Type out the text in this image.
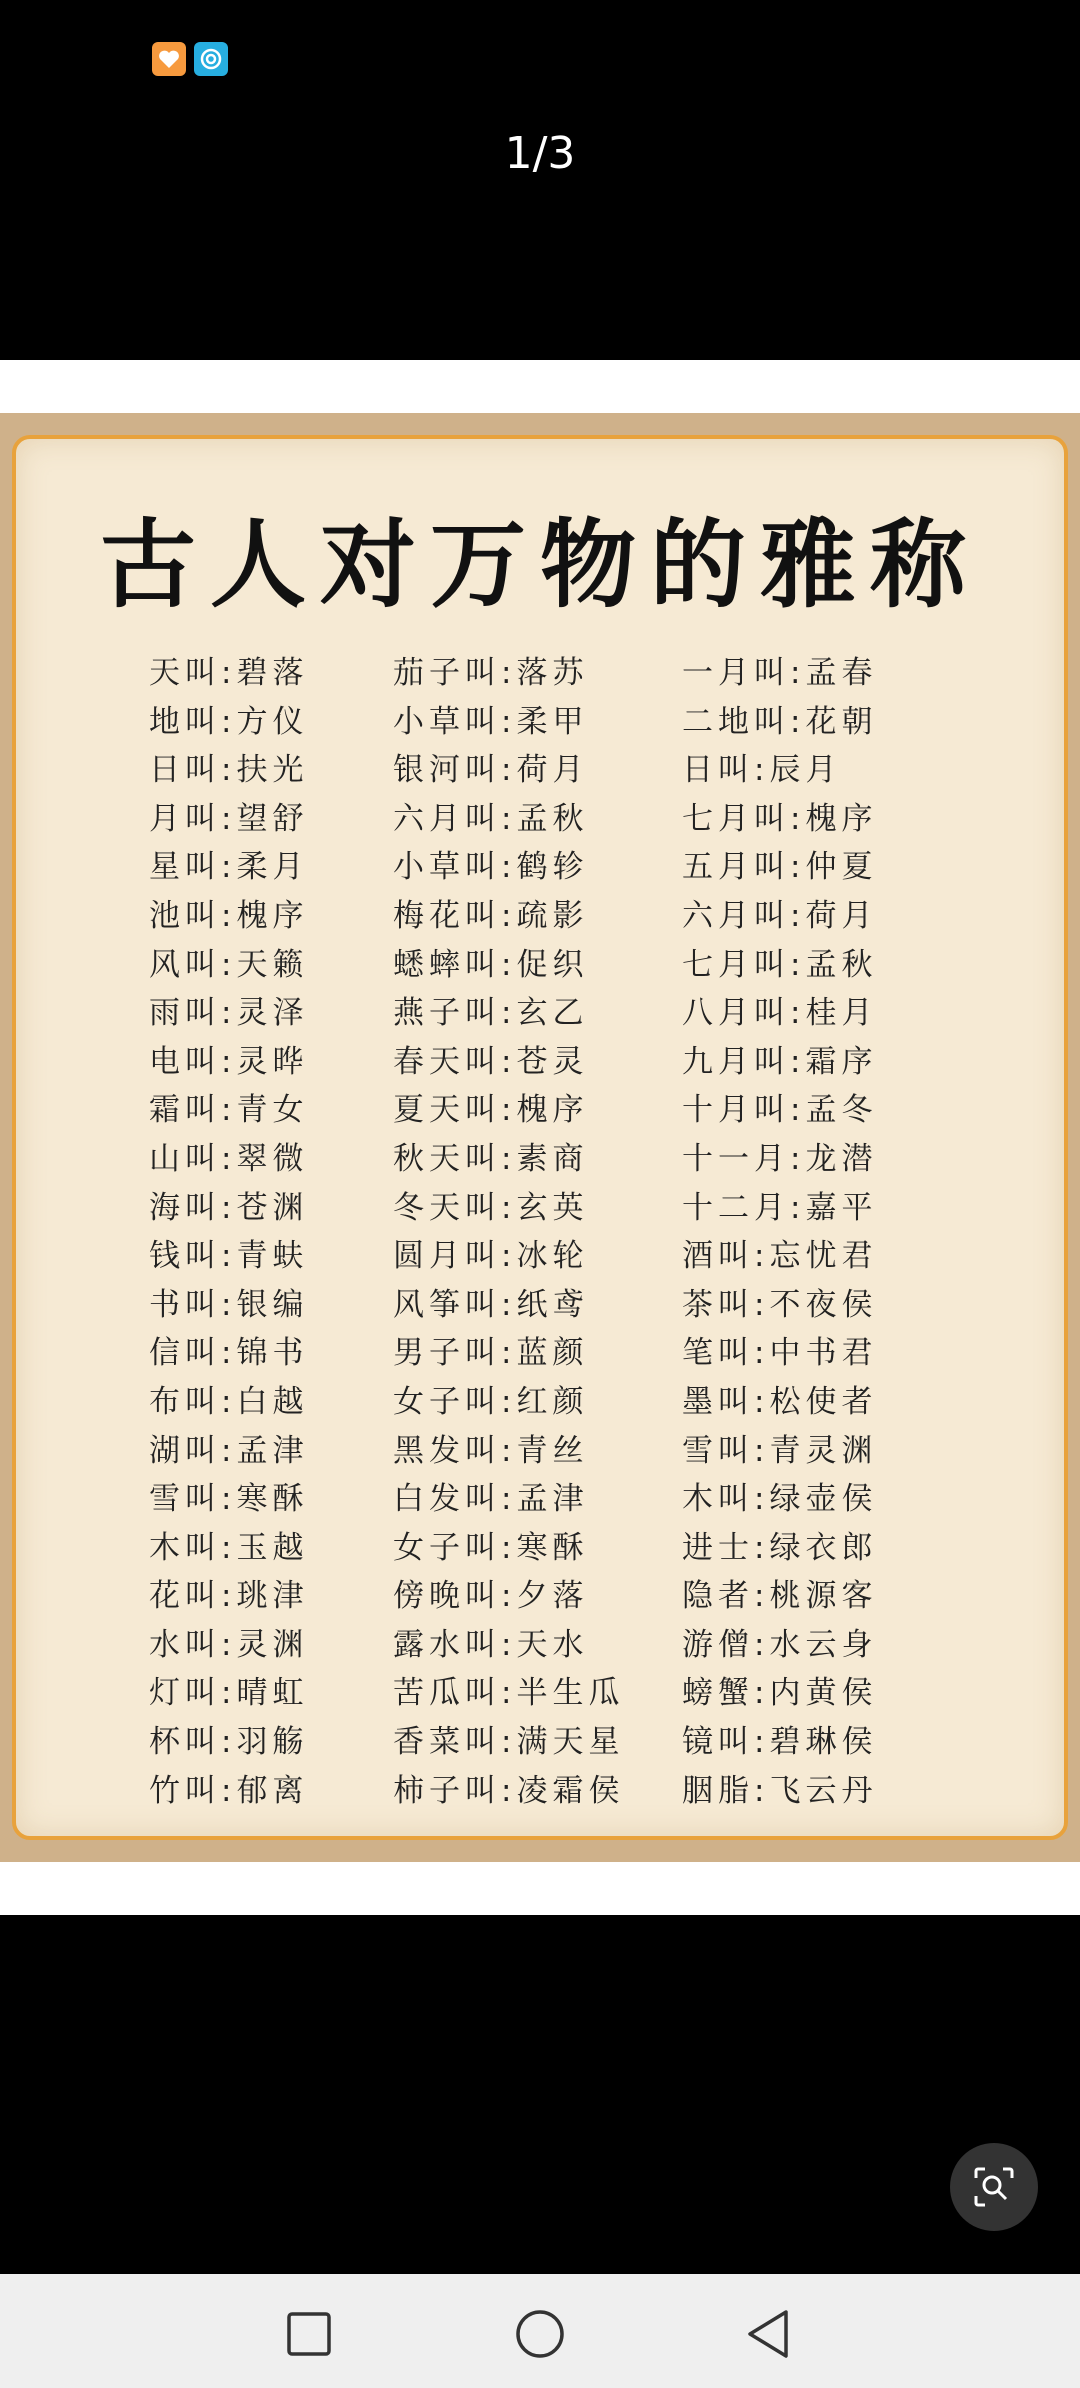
1/3
古人对万物的雅称
天叫:碧落
地叫:方仪
日叫:扶光
月叫:望舒
星叫:柔月
池叫:槐序
风叫:天籁
雨叫:灵泽
电叫:灵晔
霜叫:青女
山叫:翠微
海叫:苍渊
钱叫:青蚨
书叫:银编
信叫:锦书
布叫:白越
湖叫:孟津
雪叫:寒酥
木叫:玉越
花叫:珧津
水叫:灵渊
灯叫:晴虹
杯叫:羽觞
竹叫:郁离
茄子叫:落苏
小草叫:柔甲
银河叫:荷月
六月叫:孟秋
小草叫:鹤轸
梅花叫:疏影
蟋蟀叫:促织
燕子叫:玄乙
春天叫:苍灵
夏天叫:槐序
秋天叫:素商
冬天叫:玄英
圆月叫:冰轮
风筝叫:纸鸢
男子叫:蓝颜
女子叫:红颜
黑发叫:青丝
白发叫:孟津
女子叫:寒酥
傍晚叫:夕落
露水叫:天水
苦瓜叫:半生瓜
香菜叫:满天星
柿子叫:凌霜侯
一月叫:孟春
二地叫:花朝
日叫:辰月
七月叫:槐序
五月叫:仲夏
六月叫:荷月
七月叫:孟秋
八月叫:桂月
九月叫:霜序
十月叫:孟冬
十一月:龙潜
十二月:嘉平
酒叫:忘忧君
茶叫:不夜侯
笔叫:中书君
墨叫:松使者
雪叫:青灵渊
木叫:绿壶侯
进士:绿衣郎
隐者:桃源客
游僧:水云身
螃蟹:内黄侯
镜叫:碧琳侯
胭脂:飞云丹
